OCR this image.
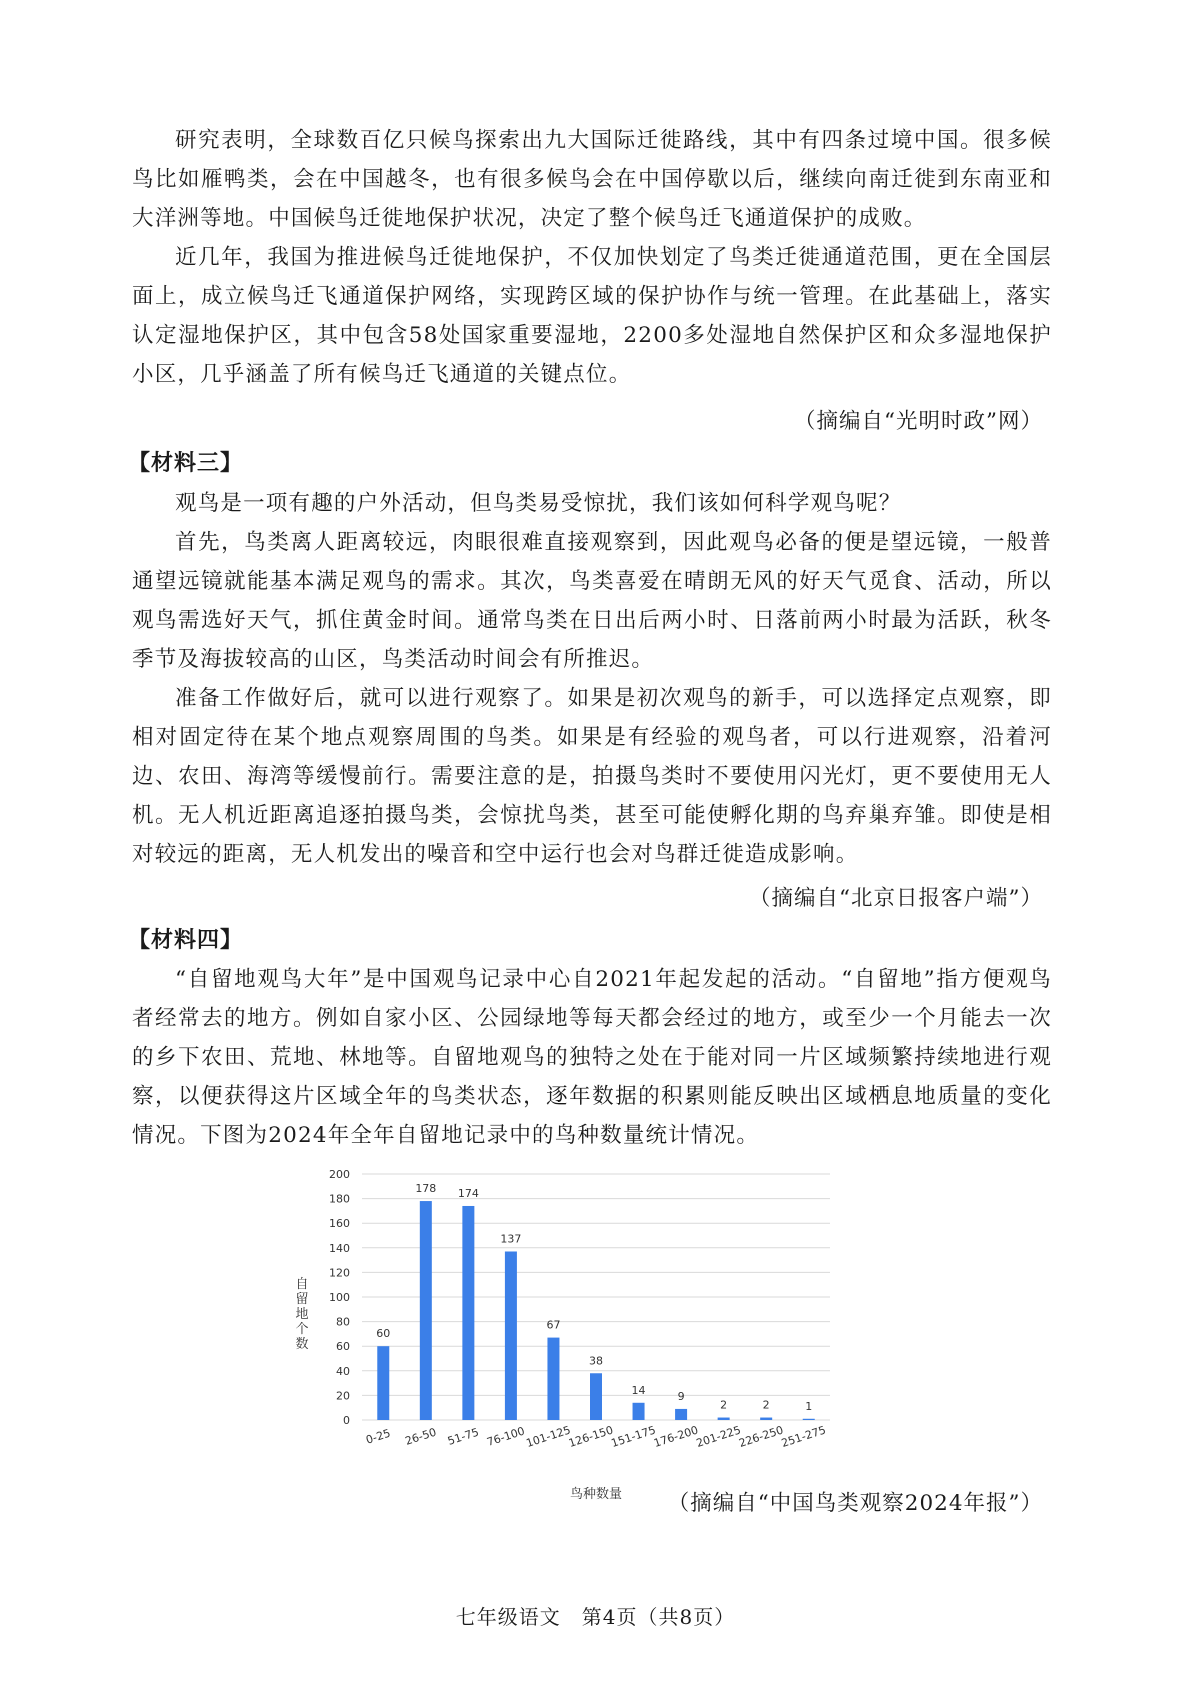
研究表明，全球数百亿只候鸟探索出九大国际迁徙路线，其中有四条过境中国。很多候鸟比如雁鸭类，会在中国越冬，也有很多候鸟会在中国停歇以后，继续向南迁徙到东南亚和大洋洲等地。中国候鸟迁徙地保护状况，决定了整个候鸟迁飞通道保护的成败。

近几年，我国为推进候鸟迁徙地保护，不仅加快划定了鸟类迁徙通道范围，更在全国层面上，成立候鸟迁飞通道保护网络，实现跨区域的保护协作与统一管理。在此基础上，落实认定湿地保护区，其中包含58处国家重要湿地，2200多处湿地自然保护区和众多湿地保护小区，几乎涵盖了所有候鸟迁飞通道的关键点位。

（摘编自“光明时政”网）
【材料三】

观鸟是一项有趣的户外活动，但鸟类易受惊扰，我们该如何科学观鸟呢？

首先，鸟类离人距离较远，肉眼很难直接观察到，因此观鸟必备的便是望远镜，一般普通望远镜就能基本满足观鸟的需求。其次，鸟类喜爱在晴朗无风的好天气觅食、活动，所以观鸟需选好天气，抓住黄金时间。通常鸟类在日出后两小时、日落前两小时最为活跃，秋冬季节及海拔较高的山区，鸟类活动时间会有所推迟。

准备工作做好后，就可以进行观察了。如果是初次观鸟的新手，可以选择定点观察，即相对固定待在某个地点观察周围的鸟类。如果是有经验的观鸟者，可以行进观察，沿着河边、农田、海湾等缓慢前行。需要注意的是，拍摄鸟类时不要使用闪光灯，更不要使用无人机。无人机近距离追逐拍摄鸟类，会惊扰鸟类，甚至可能使孵化期的鸟弃巢弃雏。即使是相对较远的距离，无人机发出的噪音和空中运行也会对鸟群迁徙造成影响。

（摘编自“北京日报客户端”）
【材料四】

“自留地观鸟大年”是中国观鸟记录中心自2021年起发起的活动。“自留地”指方便观鸟者经常去的地方。例如自家小区、公园绿地等每天都会经过的地方，或至少一个月能去一次的乡下农田、荒地、林地等。自留地观鸟的独特之处在于能对同一片区域频繁持续地进行观察，以便获得这片区域全年的鸟类状态，逐年数据的积累则能反映出区域栖息地质量的变化情况。下图为2024年全年自留地记录中的鸟种数量统计情况。

0
20
40
60
80
100
120
140
160
180
200
60
0-25
178
26-50
174
51-75
137
76-100
67
101-125
38
126-150
14
151-175
9
176-200
2
201-225
2
226-250
1
251-275
自
留
地
个
数
鸟种数量 （摘编自“中国鸟类观察2024年报”）
七年级语文　第4页（共8页）
